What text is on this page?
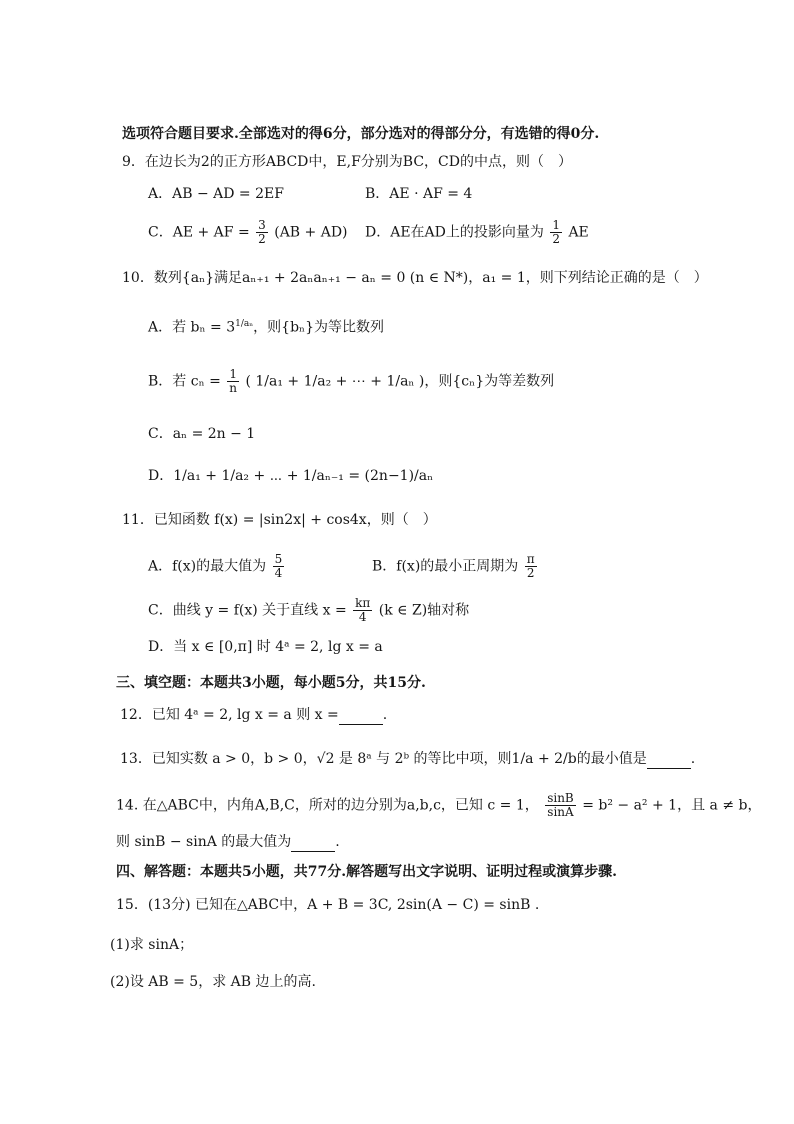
选项符合题目要求.全部选对的得6分，部分选对的得部分分，有选错的得0分.
9．在边长为2的正方形ABCD中，E,F分别为BC，CD的中点，则（　）
A．AB − AD = 2EF	B．AE · AF = 4
C．AE + AF = $\frac{3}{2} (AB + AD)$ D．AE在AD上的投影向量为 $\frac{1}{2}$ AE
10．数列{aₙ}满足aₙ₊₁ + 2aₙaₙ₊₁ − aₙ = 0 (n ∈ N*)，a₁ = 1，则下列结论正确的是（　）
A．若 $b_n = 3^{1/a_n}$，则{bₙ}为等比数列
B．若 $c_n = \frac{1}{n}$ ( 1/a₁ + 1/a₂ + ⋯ + 1/aₙ )，则{cₙ}为等差数列
C．aₙ = 2n − 1
D．1/a₁ + 1/a₂ + ⋯ + 1/aₙ₋₁ = (2n−1)/aₙ
11．已知函数 f(x) = |sin2x| + cos4x，则（　）
A．f(x)的最大值为 $\frac{5}{4}$	B．f(x)的最小正周期为 $\frac{\pi}{2}$
C．曲线 y = f(x) 关于直线 $x = \frac{k\pi}{4} (k$ ∈ Z)轴对称
D．当 x ∈ [0,π] 时 4ᵃ = 2, lg x = a
三、填空题：本题共3小题，每小题5分，共15分.
12．已知 4ᵃ = 2, lg x = a 则 x =	.
13．已知实数 a > 0，b > 0，√2 是 8ᵃ 与 2ᵇ 的等比中项，则1/a + 2/b的最小值是	.
14. 在△ABC中，内角A,B,C，所对的边分别为a,b,c，已知 c = 1， $\frac{\sin B}{\sin A} = b^2 - a^2 + 1$，且 a ≠ b，
则 sinB − sinA 的最大值为	.
四、解答题：本题共5小题，共77分.解答题写出文字说明、证明过程或演算步骤.
15．(13分) 已知在△ABC中，A + B = 3C, 2sin(A − C) = sinB .
(1)求 sinA；
(2)设 AB = 5，求 AB 边上的高.
